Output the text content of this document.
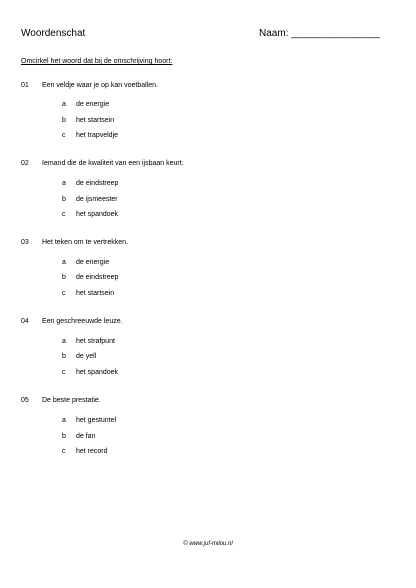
Woordenschat	Naam: ________________
Omcirkel het woord dat bij de omschrijving hoort:
01 Een veldje waar je op kan voetballen.
a de energie
b het startsein
c het trapveldje
02 Iemand die de kwaliteit van een ijsbaan keurt.
a de eindstreep
b de ijsmeester
c het spandoek
03 Het teken om te vertrekken.
a de energie
b de eindstreep
c het startsein
04 Een geschreeuwde leuze.
a het strafpunt
b de yell
c het spandoek
05 De beste prestatie.
a het gestuntel
b de fan
c het record
© www.juf-milou.nl
